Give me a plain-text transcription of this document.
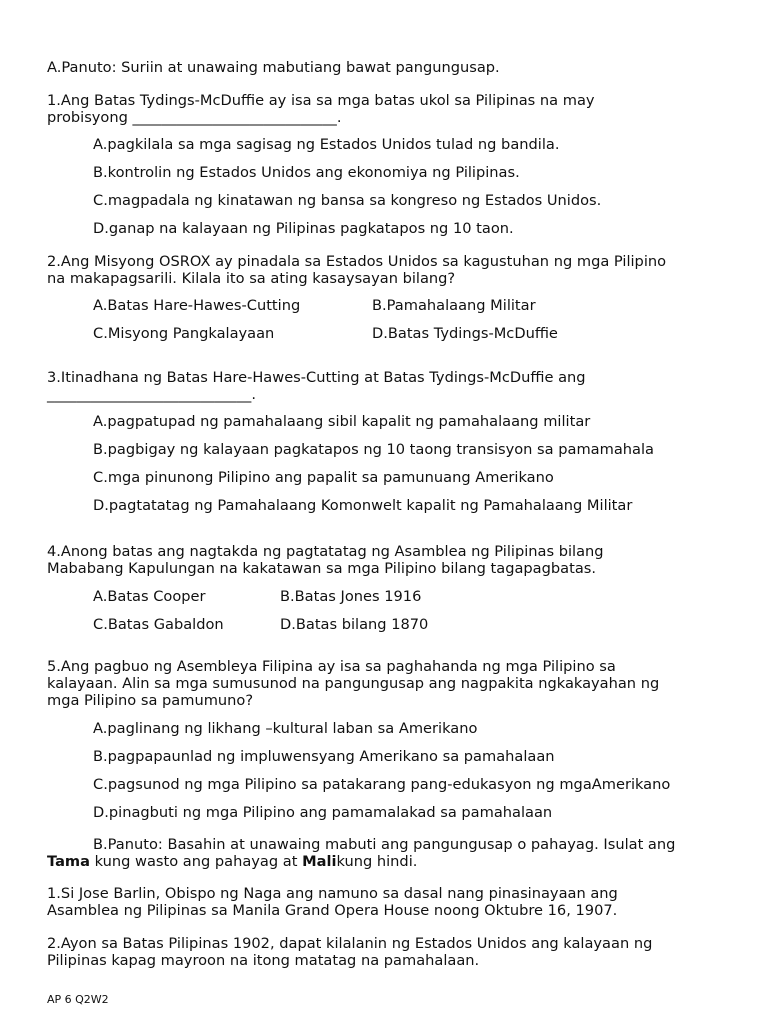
A.Panuto: Suriin at unawaing mabutiang bawat pangungusap.
1.Ang Batas Tydings-McDuffie ay isa sa mga batas ukol sa Pilipinas na may
probisyong ____________________________.
A.pagkilala sa mga sagisag ng Estados Unidos tulad ng bandila.
B.kontrolin ng Estados Unidos ang ekonomiya ng Pilipinas.
C.magpadala ng kinatawan ng bansa sa kongreso ng Estados Unidos.
D.ganap na kalayaan ng Pilipinas pagkatapos ng 10 taon.
2.Ang Misyong OSROX ay pinadala sa Estados Unidos sa kagustuhan ng mga Pilipino
na makapagsarili. Kilala ito sa ating kasaysayan bilang?
A.Batas Hare-Hawes-Cutting	B.Pamahalaang Militar
C.Misyong Pangkalayaan	D.Batas Tydings-McDuffie
3.Itinadhana ng Batas Hare-Hawes-Cutting at Batas Tydings-McDuffie ang
____________________________.
A.pagpatupad ng pamahalaang sibil kapalit ng pamahalaang militar
B.pagbigay ng kalayaan pagkatapos ng 10 taong transisyon sa pamamahala
C.mga pinunong Pilipino ang papalit sa pamunuang Amerikano
D.pagtatatag ng Pamahalaang Komonwelt kapalit ng Pamahalaang Militar
4.Anong batas ang nagtakda ng pagtatatag ng Asamblea ng Pilipinas bilang
Mababang Kapulungan na kakatawan sa mga Pilipino bilang tagapagbatas.
A.Batas Cooper	B.Batas Jones 1916
C.Batas Gabaldon	D.Batas bilang 1870
5.Ang pagbuo ng Asembleya Filipina ay isa sa paghahanda ng mga Pilipino sa
kalayaan. Alin sa mga sumusunod na pangungusap ang nagpakita ngkakayahan ng
mga Pilipino sa pamumuno?
A.paglinang ng likhang –kultural laban sa Amerikano
B.pagpapaunlad ng impluwensyang Amerikano sa pamahalaan
C.pagsunod ng mga Pilipino sa patakarang pang-edukasyon ng mgaAmerikano
D.pinagbuti ng mga Pilipino ang pamamalakad sa pamahalaan
B.Panuto: Basahin at unawaing mabuti ang pangungusap o pahayag. Isulat ang
Tama kung wasto ang pahayag at Malikung hindi.
1.Si Jose Barlin, Obispo ng Naga ang namuno sa dasal nang pinasinayaan ang
Asamblea ng Pilipinas sa Manila Grand Opera House noong Oktubre 16, 1907.
2.Ayon sa Batas Pilipinas 1902, dapat kilalanin ng Estados Unidos ang kalayaan ng
Pilipinas kapag mayroon na itong matatag na pamahalaan.
AP 6 Q2W2
